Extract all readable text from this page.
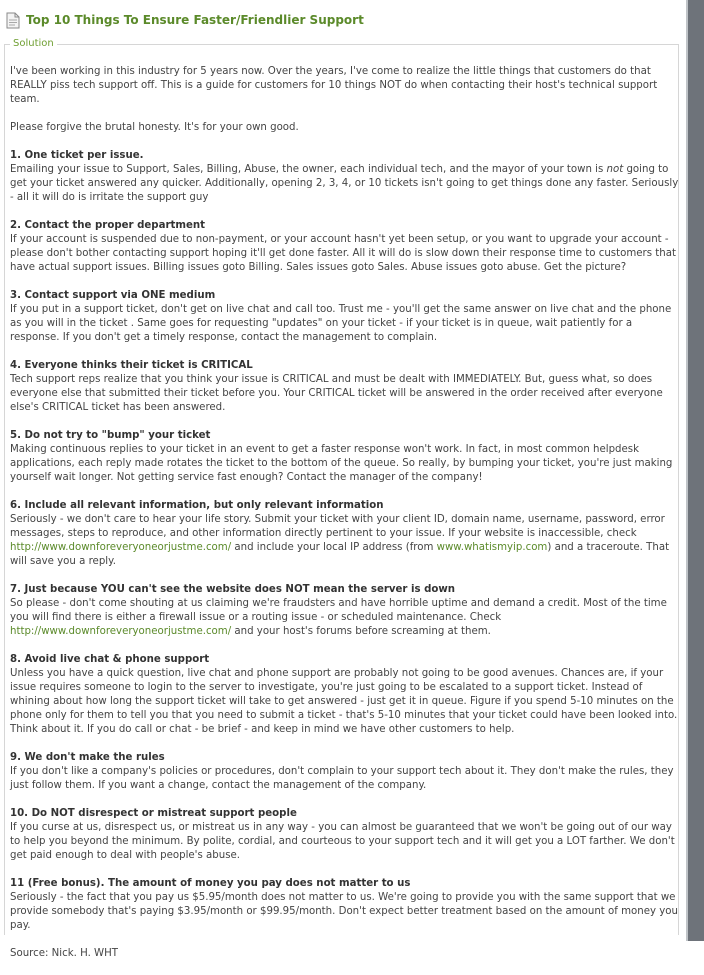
Top 10 Things To Ensure Faster/Friendlier Support
Solution

I've been working in this industry for 5 years now. Over the years, I've come to realize the little things that customers do that REALLY piss tech support off. This is a guide for customers for 10 things NOT do when contacting their host's technical support team.

Please forgive the brutal honesty. It's for your own good.

1. One ticket per issue.
Emailing your issue to Support, Sales, Billing, Abuse, the owner, each individual tech, and the mayor of your town is not going to get your ticket answered any quicker. Additionally, opening 2, 3, 4, or 10 tickets isn't going to get things done any faster. Seriously - all it will do is irritate the support guy
2. Contact the proper department
If your account is suspended due to non-payment, or your account hasn't yet been setup, or you want to upgrade your account - please don't bother contacting support hoping it'll get done faster. All it will do is slow down their response time to customers that have actual support issues. Billing issues goto Billing. Sales issues goto Sales. Abuse issues goto abuse. Get the picture?
3. Contact support via ONE medium
If you put in a support ticket, don't get on live chat and call too. Trust me - you'll get the same answer on live chat and the phone as you will in the ticket . Same goes for requesting "updates" on your ticket - if your ticket is in queue, wait patiently for a response. If you don't get a timely response, contact the management to complain.
4. Everyone thinks their ticket is CRITICAL
Tech support reps realize that you think your issue is CRITICAL and must be dealt with IMMEDIATELY. But, guess what, so does everyone else that submitted their ticket before you. Your CRITICAL ticket will be answered in the order received after everyone else's CRITICAL ticket has been answered.
5. Do not try to "bump" your ticket
Making continuous replies to your ticket in an event to get a faster response won't work. In fact, in most common helpdesk applications, each reply made rotates the ticket to the bottom of the queue. So really, by bumping your ticket, you're just making yourself wait longer. Not getting service fast enough? Contact the manager of the company!
6. Include all relevant information, but only relevant information
Seriously - we don't care to hear your life story. Submit your ticket with your client ID, domain name, username, password, error messages, steps to reproduce, and other information directly pertinent to your issue. If your website is inaccessible, check http://www.downforeveryoneorjustme.com/ and include your local IP address (from www.whatismyip.com) and a traceroute. That will save you a reply.
7. Just because YOU can't see the website does NOT mean the server is down
So please - don't come shouting at us claiming we're fraudsters and have horrible uptime and demand a credit. Most of the time you will find there is either a firewall issue or a routing issue - or scheduled maintenance. Check http://www.downforeveryoneorjustme.com/ and your host's forums before screaming at them.
8. Avoid live chat & phone support
Unless you have a quick question, live chat and phone support are probably not going to be good avenues. Chances are, if your issue requires someone to login to the server to investigate, you're just going to be escalated to a support ticket. Instead of whining about how long the support ticket will take to get answered - just get it in queue. Figure if you spend 5-10 minutes on the phone only for them to tell you that you need to submit a ticket - that's 5-10 minutes that your ticket could have been looked into. Think about it. If you do call or chat - be brief - and keep in mind we have other customers to help.
9. We don't make the rules
If you don't like a company's policies or procedures, don't complain to your support tech about it. They don't make the rules, they just follow them. If you want a change, contact the management of the company.
10. Do NOT disrespect or mistreat support people
If you curse at us, disrespect us, or mistreat us in any way - you can almost be guaranteed that we won't be going out of our way to help you beyond the minimum. By polite, cordial, and courteous to your support tech and it will get you a LOT farther. We don't get paid enough to deal with people's abuse.
11 (Free bonus). The amount of money you pay does not matter to us
Seriously - the fact that you pay us $5.95/month does not matter to us. We're going to provide you with the same support that we provide somebody that's paying $3.95/month or $99.95/month. Don't expect better treatment based on the amount of money you pay.

Source: Nick. H. WHT
